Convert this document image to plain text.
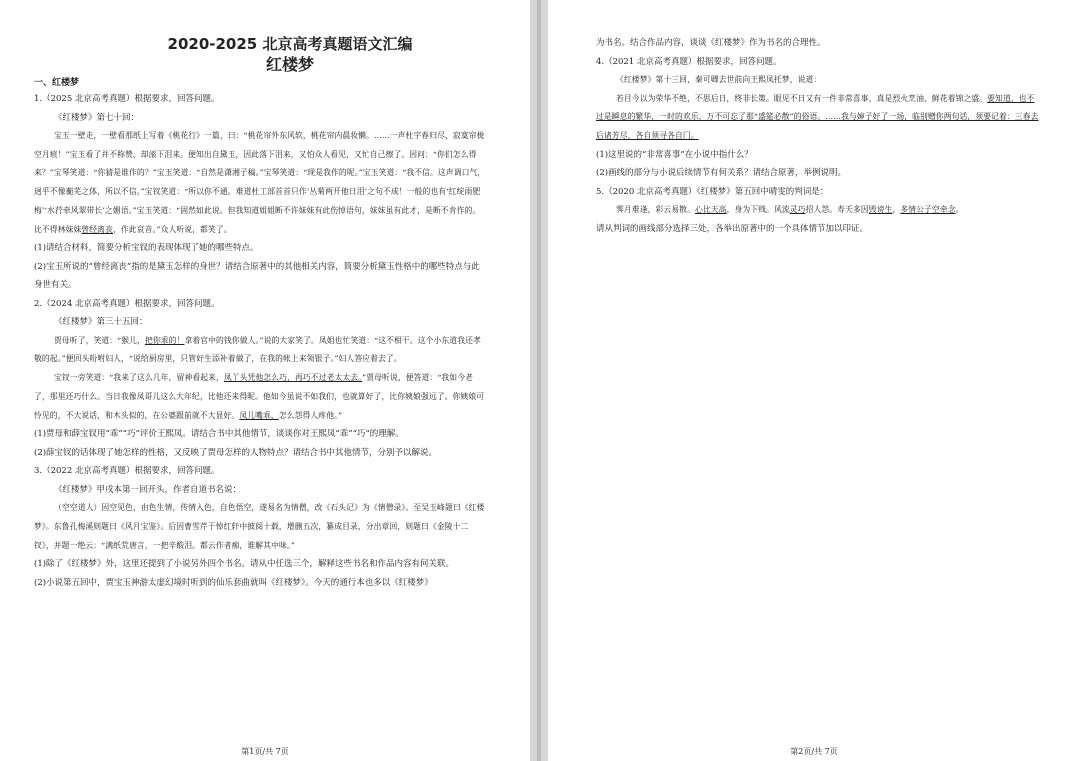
2020-2025 北京高考真题语文汇编
红楼梦
一、红楼梦

1.（2025 北京高考真题）根据要求，回答问题。

《红楼梦》第七十回：

宝玉一壁走，一壁看那纸上写着《桃花行》一篇，曰：“桃花帘外东风软，桃花帘内晨妆懒。……一声杜宇春归尽，寂寞帘栊空月痕！”宝玉看了并不称赞，却滚下泪来。便知出自黛玉，因此落下泪来，又怕众人看见，又忙自己擦了。因问：“你们怎么得来？”宝琴笑道：“你猜是谁作的？”宝玉笑道：“自然是潇湘子稿。”宝琴笑道：“现是我作的呢。”宝玉笑道：“我不信。这声调口气，迥乎不像蘅芜之体，所以不信。”宝钗笑道：“所以你不通。难道杜工部首首只作‘丛菊两开他日泪’之句不成！一般的也有‘红绽雨肥梅’‘水荇牵风翠带长’之媚语。”宝玉笑道：“固然如此说。但我知道姐姐断不许妹妹有此伤悼语句，妹妹虽有此才，是断不肯作的。比不得林妹妹曾经离丧，作此哀音。”众人听说，都笑了。

(1)请结合材料，简要分析宝钗的表现体现了她的哪些特点。

(2)宝玉所说的“曾经离丧”指的是黛玉怎样的身世？请结合原著中的其他相关内容，简要分析黛玉性格中的哪些特点与此身世有关。

2.（2024 北京高考真题）根据要求，回答问题。

《红楼梦》第三十五回：

贾母听了，笑道：“猴儿，把你乖的！拿着官中的钱你做人。”说的大家笑了。凤姐也忙笑道：“这不相干。这个小东道我还孝敬的起。”便回头吩咐妇人，“说给厨房里，只管好生添补着做了，在我的帐上来领银子。”妇人答应着去了。

宝钗一旁笑道：“我来了这么几年，留神看起来，凤丫头凭他怎么巧，再巧不过老太太去。”贾母听说，便答道：“我如今老了，那里还巧什么。当日我像凤哥儿这么大年纪，比他还来得呢。他如今虽说不如我们，也就算好了，比你姨娘强远了。你姨娘可怜见的，不大说话，和木头似的，在公婆跟前就不大显好。凤儿嘴乖，怎么怨得人疼他。”

(1)贾母和薛宝钗用“乖”“巧”评价王熙凤。请结合书中其他情节，谈谈你对王熙凤“乖”“巧”的理解。

(2)薛宝钗的话体现了她怎样的性格，又反映了贾母怎样的人物特点？请结合书中其他情节，分别予以解说。

3.（2022 北京高考真题）根据要求，回答问题。

《红楼梦》甲戌本第一回开头，作者自道书名说：

（空空道人）因空见色，由色生情，传情入色，自色悟空，遂易名为情僧，改《石头记》为《情僧录》。至吴玉峰题曰《红楼梦》。东鲁孔梅溪则题曰《风月宝鉴》。后因曹雪芹于悼红轩中披阅十载，增删五次，纂成目录，分出章回，则题曰《金陵十二钗》，并题一绝云：“满纸荒唐言，一把辛酸泪。都云作者痴，谁解其中味。”

(1)除了《红楼梦》外，这里还提到了小说另外四个书名。请从中任选三个，解释这些书名和作品内容有何关联。

(2)小说第五回中，贾宝玉神游太虚幻境时听到的仙乐套曲就叫《红楼梦》。今天的通行本也多以《红楼梦》

第1页/共 7页

为书名。结合作品内容，谈谈《红楼梦》作为书名的合理性。

4.（2021 北京高考真题）根据要求，回答问题。

《红楼梦》第十三回，秦可卿去世前向王熙凤托梦，说道：

若目今以为荣华不绝，不思后日，终非长策。眼见不日又有一件非常喜事，真是烈火烹油、鲜花着锦之盛。要知道，也不过是瞬息的繁华，一时的欢乐，万不可忘了那“盛筵必散”的俗语。……我与婶子好了一场，临别赠你两句话，须要记着：三春去后诸芳尽，各自须寻各自门。

(1)这里说的“非常喜事”在小说中指什么？

(2)画线的部分与小说后续情节有何关系？请结合原著，举例说明。

5.（2020 北京高考真题）《红楼梦》第五回中晴雯的判词是：

霁月难逢，彩云易散。心比天高，身为下贱。风流灵巧招人怨。寿夭多因毁谤生，多情公子空牵念。

请从判词的画线部分选择三处，各举出原著中的一个具体情节加以印证。

第2页/共 7页
